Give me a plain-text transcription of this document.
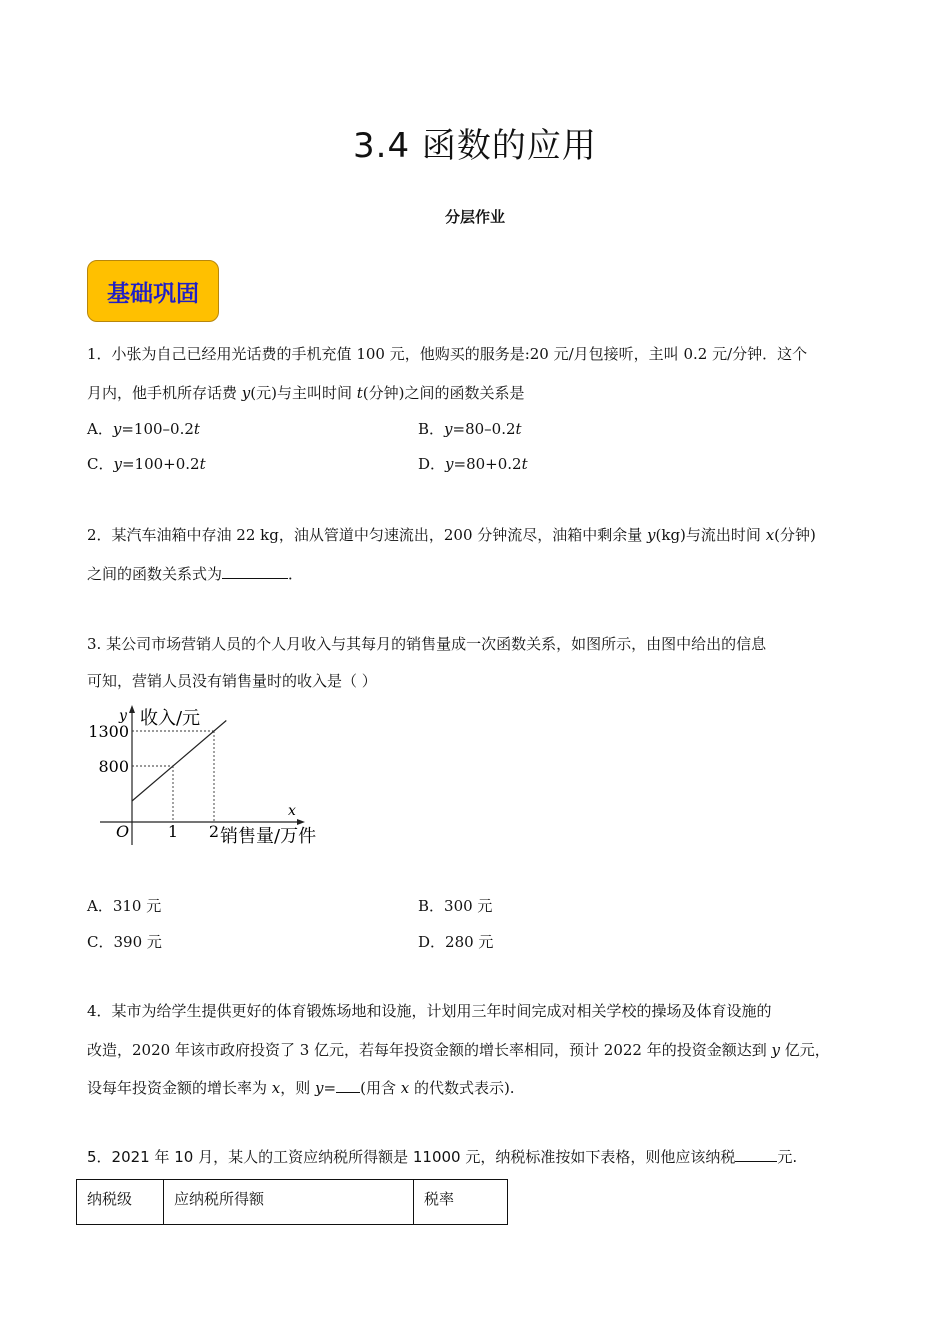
3.4 函数的应用
分层作业
基础巩固
1．小张为自己已经用光话费的手机充值 100 元，他购买的服务是:20 元/月包接听，主叫 0.2 元/分钟．这个
月内，他手机所存话费 y(元)与主叫时间 t(分钟)之间的函数关系是
A．y=100–0.2t	B．y=80–0.2t
C．y=100+0.2t	D．y=80+0.2t
2．某汽车油箱中存油 22 kg，油从管道中匀速流出，200 分钟流尽，油箱中剩余量 y(kg)与流出时间 x(分钟)
之间的函数关系式为	．
3. 某公司市场营销人员的个人月收入与其每月的销售量成一次函数关系，如图所示，由图中给出的信息
可知，营销人员没有销售量时的收入是（ ）
y 收入/元
x
销售量/万件
O 1 2
800
1300
A．310 元	B．300 元
C．390 元	D．280 元
4．某市为给学生提供更好的体育锻炼场地和设施，计划用三年时间完成对相关学校的操场及体育设施的
改造，2020 年该市政府投资了 3 亿元，若每年投资金额的增长率相同，预计 2022 年的投资金额达到 y 亿元，
设每年投资金额的增长率为 x，则 y= (用含 x 的代数式表示).
5．2021 年 10 月，某人的工资应纳税所得额是 11000 元，纳税标准按如下表格，则他应该纳税	元.
纳税级	应纳税所得额	税率
